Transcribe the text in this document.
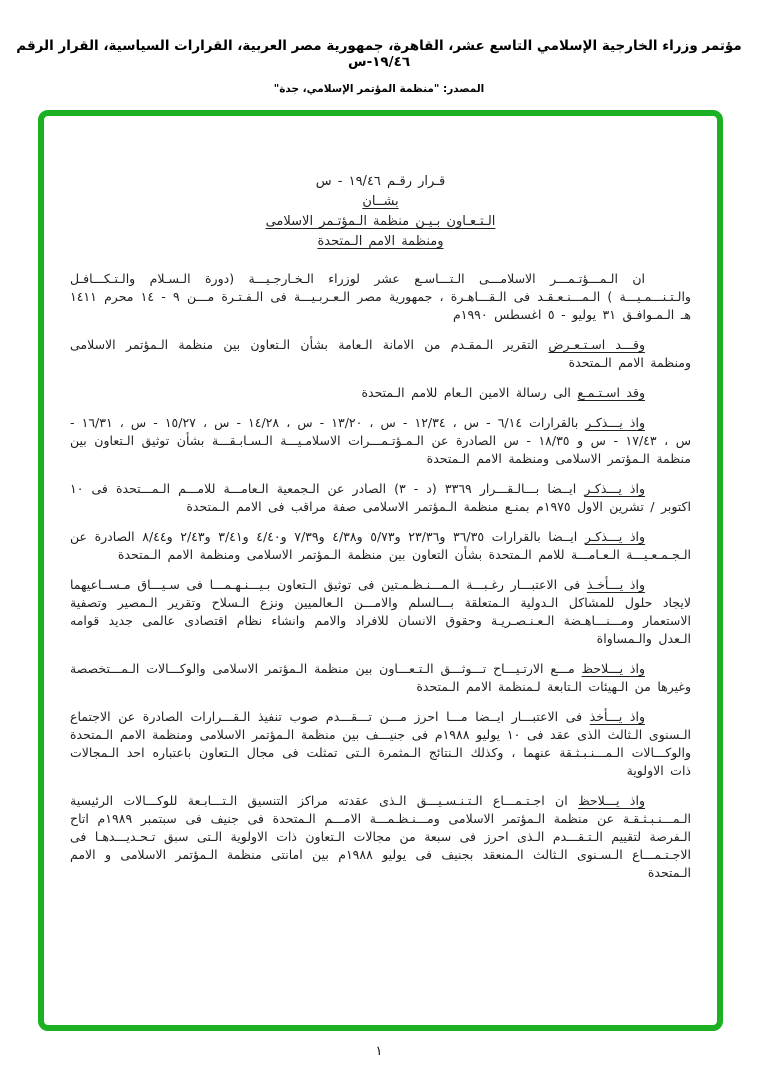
مؤتمر وزراء الخارجية الإسلامي التاسع عشر، القاهرة، جمهورية مصر العربية، القرارات السياسية، القرار الرقم ١٩/٤٦-س
المصدر: "منظمة المؤتمر الإسلامي، جدة"
قـرار رقـم ١٩/٤٦ - س
بشــان
الـتـعـاون بـيـن منظمة الـمؤتـمر الاسلامى
ومنظمة الامم الـمتحدة

ان الـمـــؤتـمـــر الاسلامـــى الـتـــاسـع عشر لوزراء الـخـارجـيـــة (دورة الـسـلام والـتـكـــافـل والـتـنـــمـيـــة ) الـمـــنـعـقـد فى الـقـــاهـرة ، جمهورية مصر الـعـربـيـــة فى الـفـتـرة مـــن ٩ - ١٤ محرم ١٤١١ هـ الـمـوافـق ٣١ يوليو - ٥ اغسطس ١٩٩٠م

وقـــد اسـتـعـرض التقرير الـمقـدم من الامانة الـعامة بشأن الـتعاون بين منظمة الـمؤتمر الاسلامى ومنظمة الامم الـمتحدة

وقد اسـتـمـع الى رسالة الامين الـعام للامم الـمتحدة

واذ يـــذكـر بالقرارات ٦/١٤ - س ، ١٢/٣٤ - س ، ١٣/٢٠ - س ، ١٤/٢٨ - س ، ١٥/٢٧ - س ، ١٦/٣١ - س ، ١٧/٤٣ - س و ١٨/٣٥ - س الصادرة عن الـمـؤتـمـــرات الاسلامـيـــة الـسـابـقـــة بشأن توثيق الـتعاون بين منظمة الـمؤتمر الاسلامى ومنظمة الامم الـمتحدة

واذ يـــذكـر ايــضا بـــالـقـــرار ٣٣٦٩ (د - ٣) الصادر عن الـجمعية الـعامـــة للامـــم الـمـــتحدة فى ١٠ اكتوبر / تشرين الاول ١٩٧٥م بمنـع منظمة الـمؤتمر الاسلامى صفة مراقب فى الامم الـمتحدة

واذ يـــذكـر ايــضا بالقرارات ٣٦/٣٥ و٢٣/٣٦ و٥/٧٣ و٤/٣٨ و٧/٣٩ و٤/٤٠ و٣/٤١ و٢/٤٣ و٨/٤٤ الصادرة عن الـجـمـعـيـــة الـعـامـــة للامم الـمتحدة بشأن التعاون بين منظمة الـمؤتمر الاسلامى ومنظمة الامم الـمتحدة

واذ يـــأخـذ فى الاعتبـــار رغـبـــة الـمـــنـظـمـتين فى توثيق الـتعاون بـيـــنـهـمـــا فى سـيـــاق مـســاعيهما لايجاد حلول للمشاكل الـدولية الـمتعلقة بـــالسلم والامـــن الـعالميين ونزع الـسلاح وتقرير الـمصير وتصفية الاستعمار ومـــنـــاهـضة الـعـنـصـريـة وحقوق الانسان للافراد والامم وانشاء نظام اقتصادى عالمى جديد قوامه الـعدل والـمساواة

واذ يـــلاحظ مـــع الارتـيـــاح تـــوثـــق الـتـعـــاون بين منظمة الـمؤتمر الاسلامى والوكـــالات الـمـــتخصصة وغيرها من الـهيئات الـتابعة لـمنظمة الامم الـمتحدة

واذ يـــأخذ فى الاعتبـــار ايــضا مـــا احرز مـــن تـــقـــدم صوب تنفيذ الـقـــرارات الصادرة عن الاجتماع الـسنوى الـثالث الذى عقد فى ١٠ يوليو ١٩٨٨م فى جنيـــف بين منظمة الـمؤتمر الاسلامى ومنظمة الامم الـمتحدة والوكـــالات الـمـــنـبـثـقة عنهما ، وكذلك الـنتائج الـمثمرة الـتى تمثلت فى مجال الـتعاون باعتباره احد الـمجالات ذات الاولوية

واذ يـــلاحظ ان اجـتـمـــاع الـتـنـسـيـــق الـذى عقدته مراكز التنسيق الـتـــابـعة للوكـــالات الرئيسية الـمـــنـبـثـقـة عن منظمة الـمؤتمر الاسلامى ومـــنـظـمـــة الامـــم الـمتحدة فى جنيف فى سبتمبر ١٩٨٩م اتاح الـفرصة لتقييم الـتـقـــدم الـذى احرز فى سبعة من مجالات الـتعاون ذات الاولوية الـتى سبق تـحـديـــدهـا فى الاجـتـمـــاع الـسـنوى الـثالث الـمنعقد بجنيف فى يوليو ١٩٨٨م بين امانتى منظمة الـمؤتمر الاسلامى و الامم الـمتحدة

١
